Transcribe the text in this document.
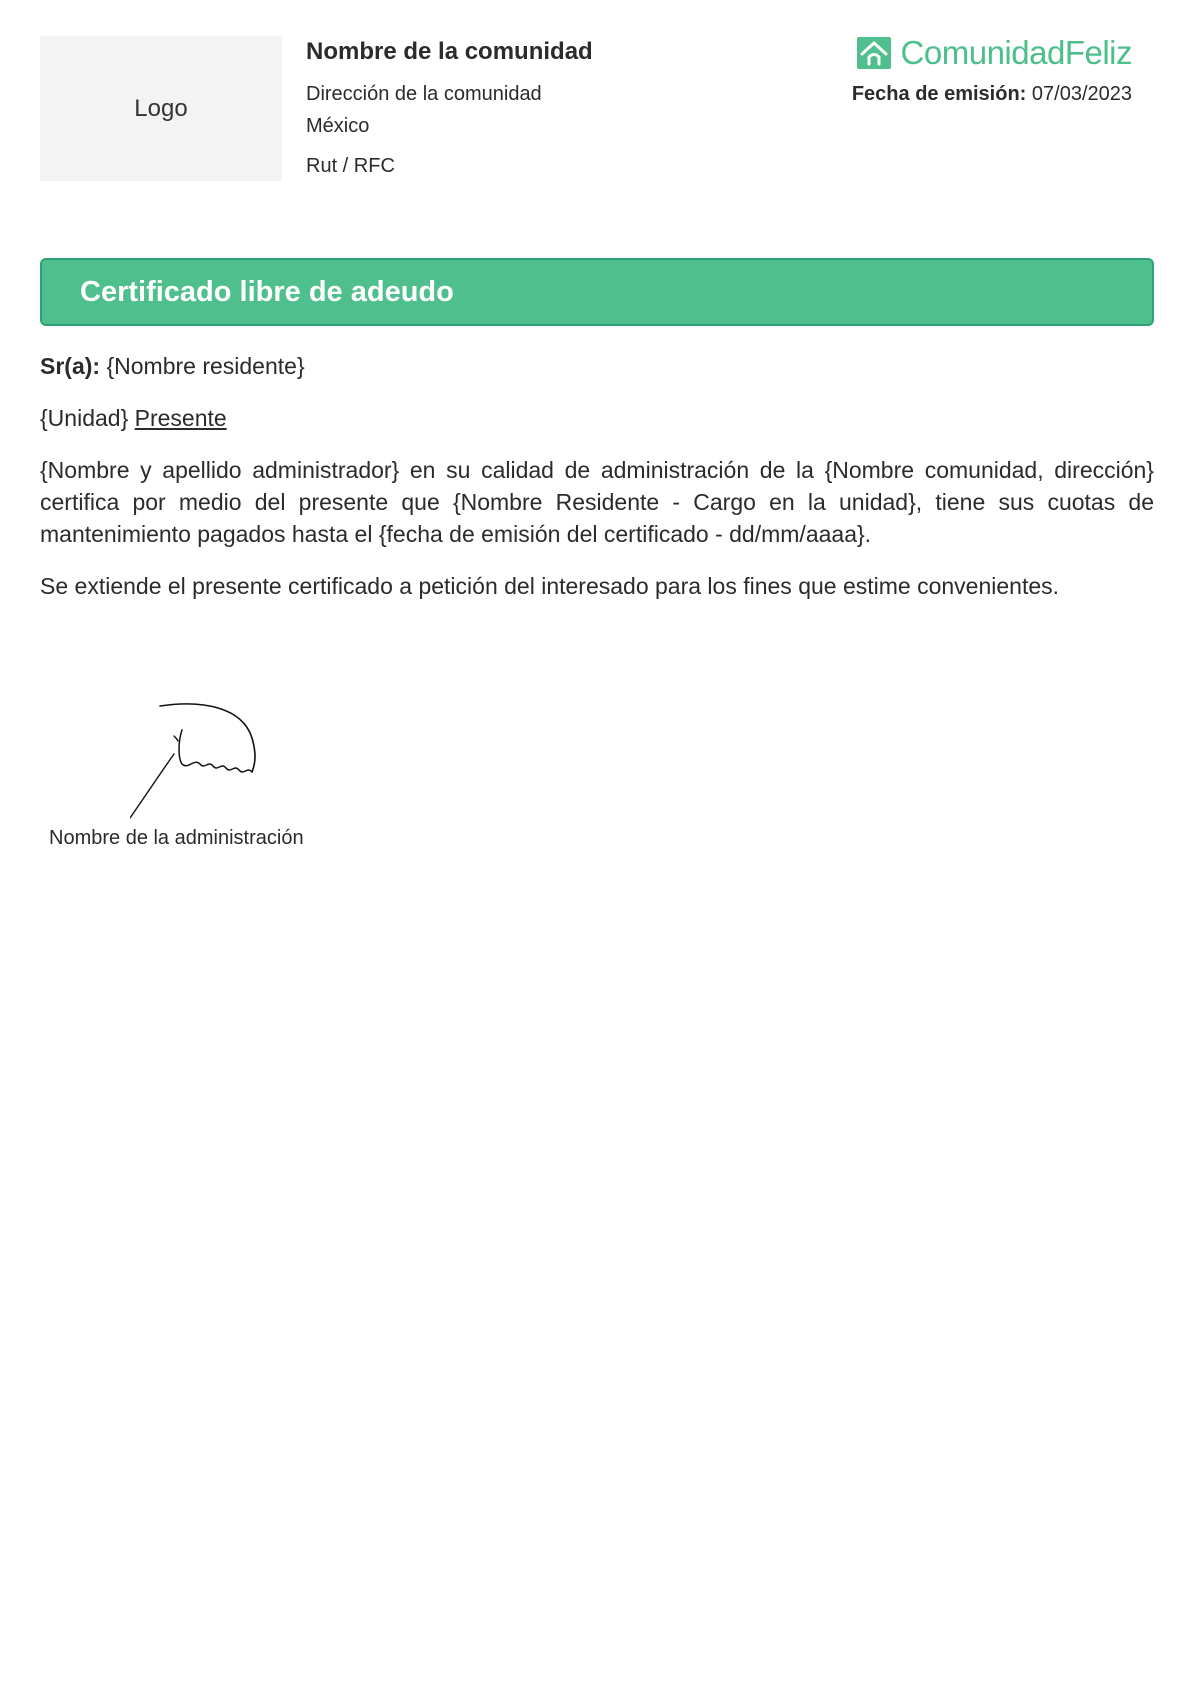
Logo
Nombre de la comunidad
Dirección de la comunidad
México
Rut / RFC
ComunidadFeliz
Fecha de emisión: 07/03/2023
Certificado libre de adeudo

Sr(a): {Nombre residente}

{Unidad} Presente

{Nombre y apellido administrador} en su calidad de administración de la {Nombre comunidad, dirección} certifica por medio del presente que {Nombre Residente - Cargo en la unidad}, tiene sus cuotas de mantenimiento pagados hasta el {fecha de emisión del certificado - dd/mm/aaaa}.

Se extiende el presente certificado a petición del interesado para los fines que estime convenientes.

Nombre de la administración
